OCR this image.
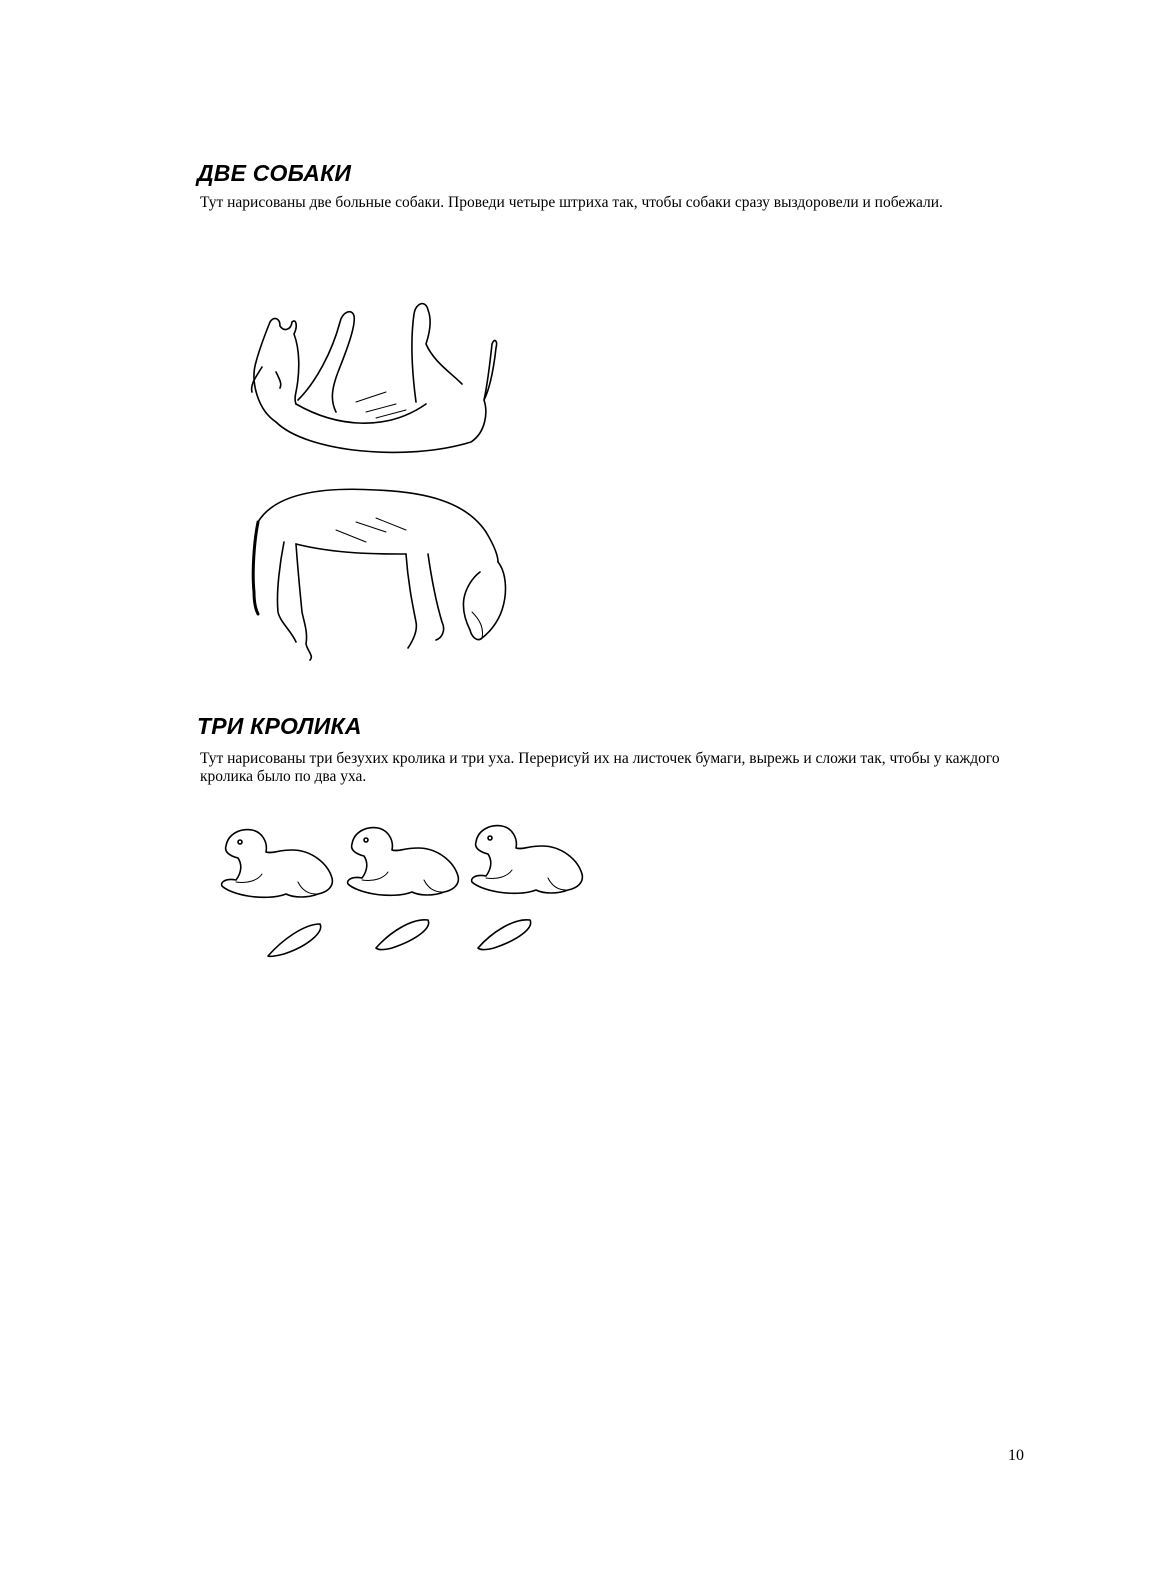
ДВЕ СОБАКИ

Тут нарисованы две больные собаки. Проведи четыре штриха так, чтобы собаки сразу выздоровели и побежали.

ТРИ КРОЛИКА

Тут нарисованы три безухих кролика и три уха. Перерисуй их на листочек бумаги, вырежь и сложи так, чтобы у каждого кролика было по два уха.

10
